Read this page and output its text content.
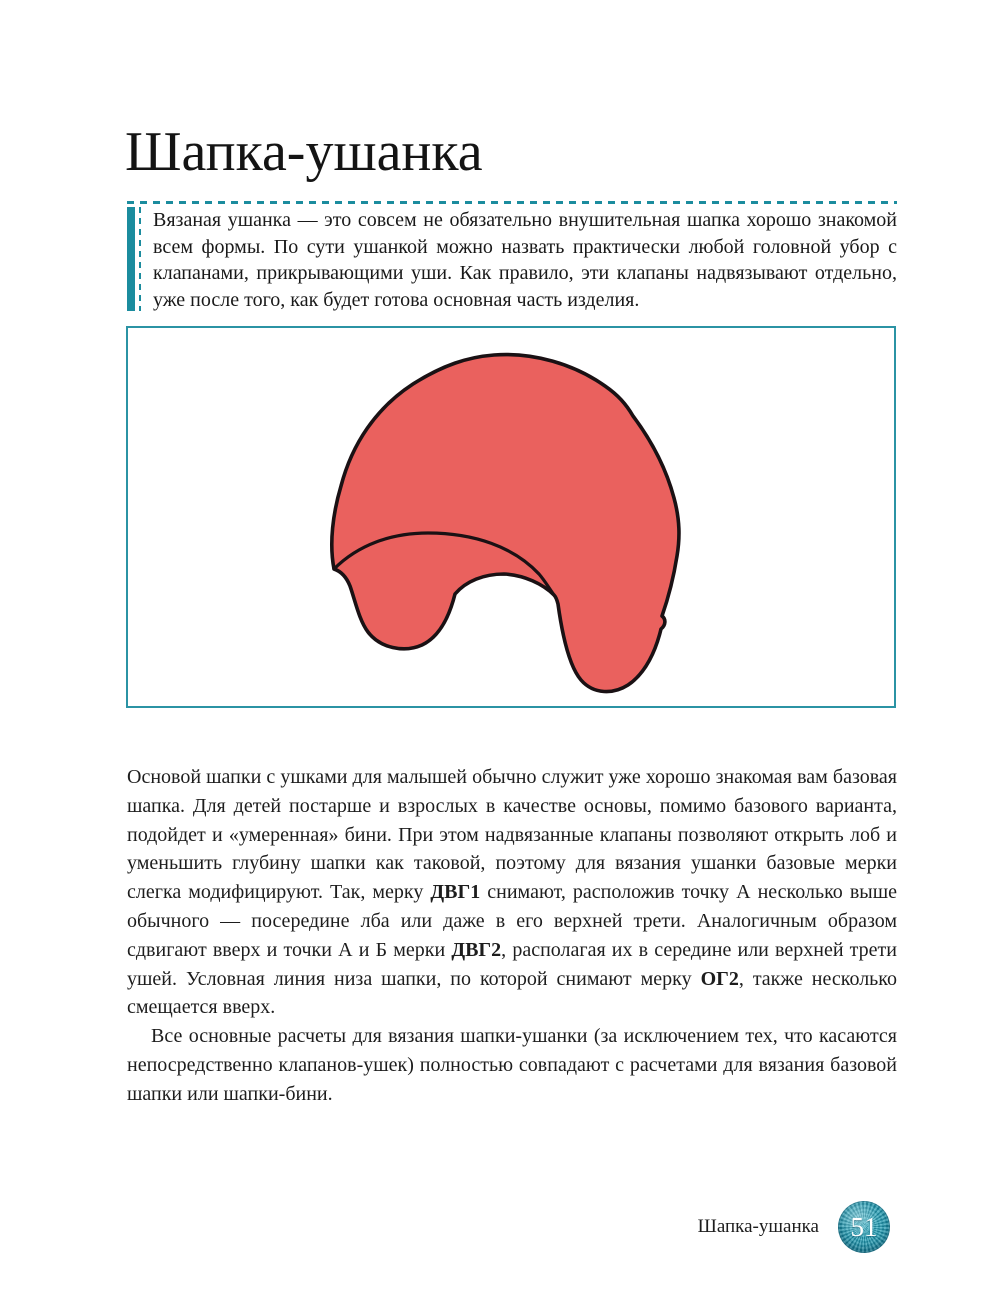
Шапка-ушанка

Вязаная ушанка — это совсем не обязательно внушительная шапка хорошо знакомой всем формы. По сути ушанкой можно назвать практически любой головной убор с клапанами, прикрывающими уши. Как правило, эти клапаны надвязывают отдельно, уже после того, как будет готова основная часть изделия.

Основой шапки с ушками для малышей обычно служит уже хорошо знакомая вам базовая шапка. Для детей постарше и взрослых в качестве основы, помимо базового варианта, подойдет и «умеренная» бини. При этом надвязанные клапаны позволяют открыть лоб и уменьшить глубину шапки как таковой, поэтому для вязания ушанки базовые мерки слегка модифицируют. Так, мерку ДВГ1 снимают, расположив точку А несколько выше обычного — посередине лба или даже в его верхней трети. Аналогичным образом сдвигают вверх и точки А и Б мерки ДВГ2, располагая их в середине или верхней трети ушей. Условная линия низа шапки, по которой снимают мерку ОГ2, также несколько смещается вверх.

Все основные расчеты для вязания шапки-ушанки (за исключением тех, что касаются непосредственно клапанов-ушек) полностью совпадают с расчетами для вязания базовой шапки или шапки-бини.

Шапка-ушанка 51
